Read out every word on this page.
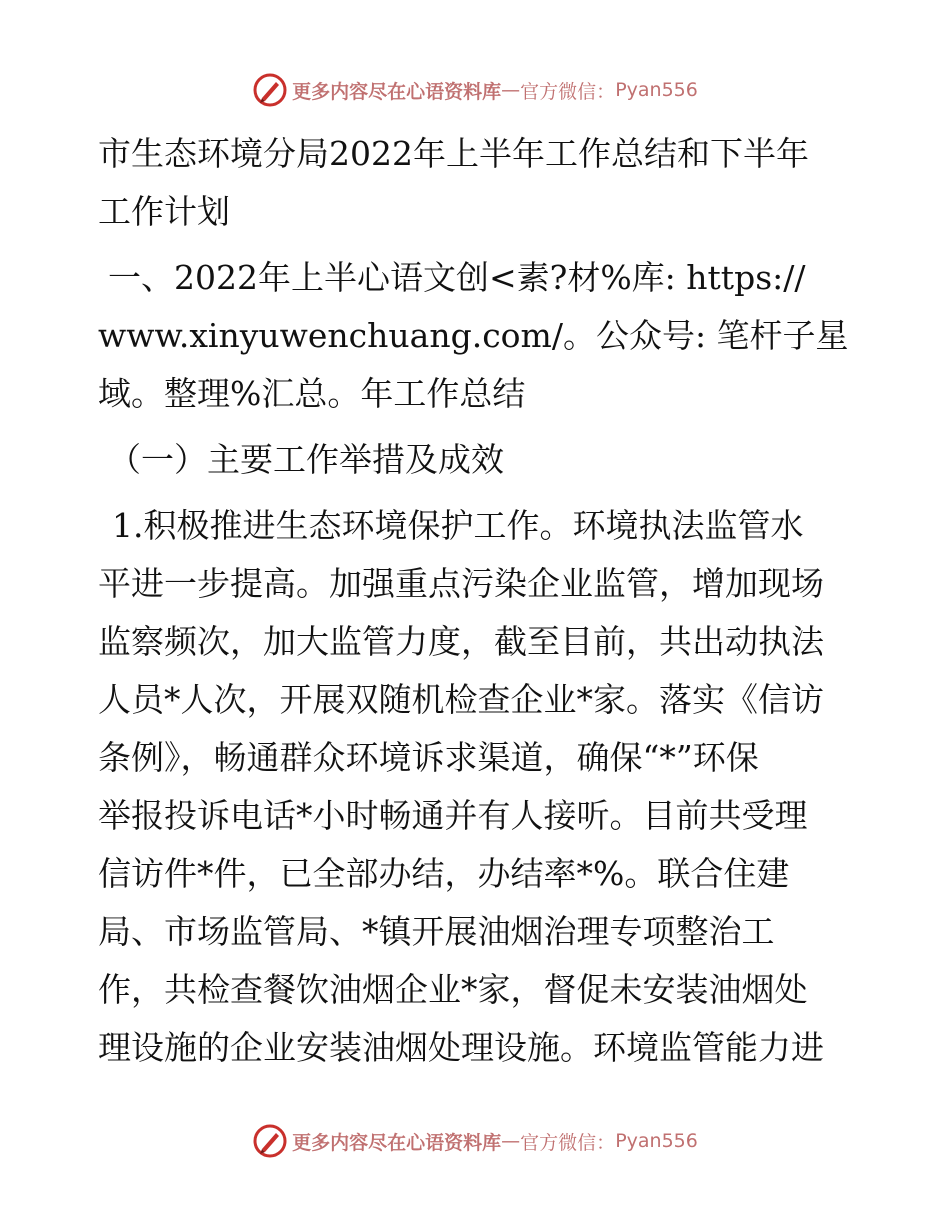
更多内容尽在心语资料库 — 官方微信： Pyan556

市生态环境分局2022年上半年工作总结和下半年

工作计划

一、2022年上半心语文创<素?材%库: https://

www.xinyuwenchuang.com/。公众号: 笔杆子星

域。整理%汇总。年工作总结

（一）主要工作举措及成效

1.积极推进生态环境保护工作。环境执法监管水

平进一步提高。加强重点污染企业监管，增加现场

监察频次，加大监管力度，截至目前，共出动执法

人员*人次，开展双随机检查企业*家。落实《信访

条例》，畅通群众环境诉求渠道，确保“*”环保

举报投诉电话*小时畅通并有人接听。目前共受理

信访件*件，已全部办结，办结率*%。联合住建

局、市场监管局、*镇开展油烟治理专项整治工

作，共检查餐饮油烟企业*家，督促未安装油烟处

理设施的企业安装油烟处理设施。环境监管能力进

更多内容尽在心语资料库 — 官方微信： Pyan556
